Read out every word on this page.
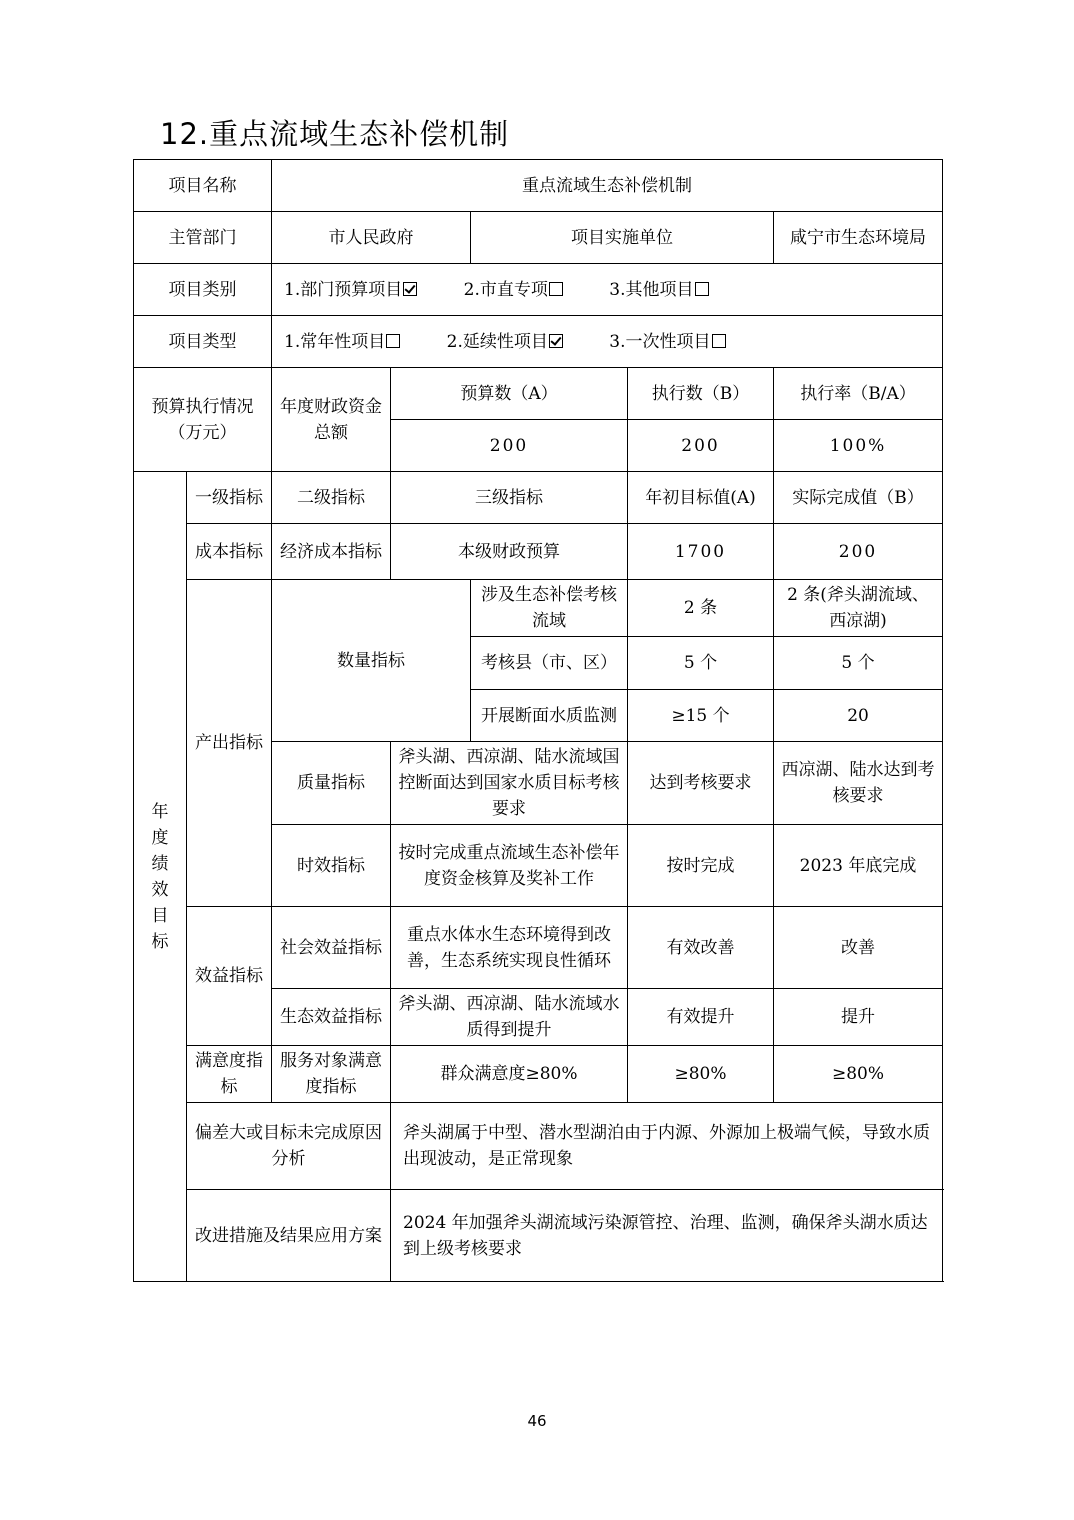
12.重点流域生态补偿机制
项目名称		重点流域生态补偿机制				
主管部门		市人民政府		项目实施单位		咸宁市生态环境局
项目类别		1.部门预算项目 2.市直专项 3.其他项目				
项目类型		1.常年性项目 2.延续性项目 3.一次性项目				
预算执行情况（万元）		年度财政资金总额	预算数（A）		执行数（B）	执行率（B/A）
			200		200	100%
年度绩效目标	一级指标	二级指标	三级指标		年初目标值(A)	实际完成值（B）
	成本指标	经济成本指标	本级财政预算		1700	200
	产出指标	数量指标		涉及生态补偿考核流域	2 条	2 条(斧头湖流域、西凉湖)
				考核县（市、区）	5 个	5 个
				开展断面水质监测	≥15 个	20
		质量指标	斧头湖、西凉湖、陆水流域国控断面达到国家水质目标考核要求		达到考核要求	西凉湖、陆水达到考核要求
		时效指标	按时完成重点流域生态补偿年度资金核算及奖补工作		按时完成	2023 年底完成
	效益指标	社会效益指标	重点水体水生态环境得到改善，生态系统实现良性循环		有效改善	改善
		生态效益指标	斧头湖、西凉湖、陆水流域水质得到提升		有效提升	提升
	满意度指 标	服务对象满意度指标	群众满意度≥80%		≥80%	≥80%
	偏差大或目标未完成原因分析		斧头湖属于中型、潜水型湖泊由于内源、外源加上极端气候，导致水质出现波动，是正常现象			
	改进措施及结果应用方案		2024 年加强斧头湖流域污染源管控、治理、监测，确保斧头湖水质达到上级考核要求			
46
